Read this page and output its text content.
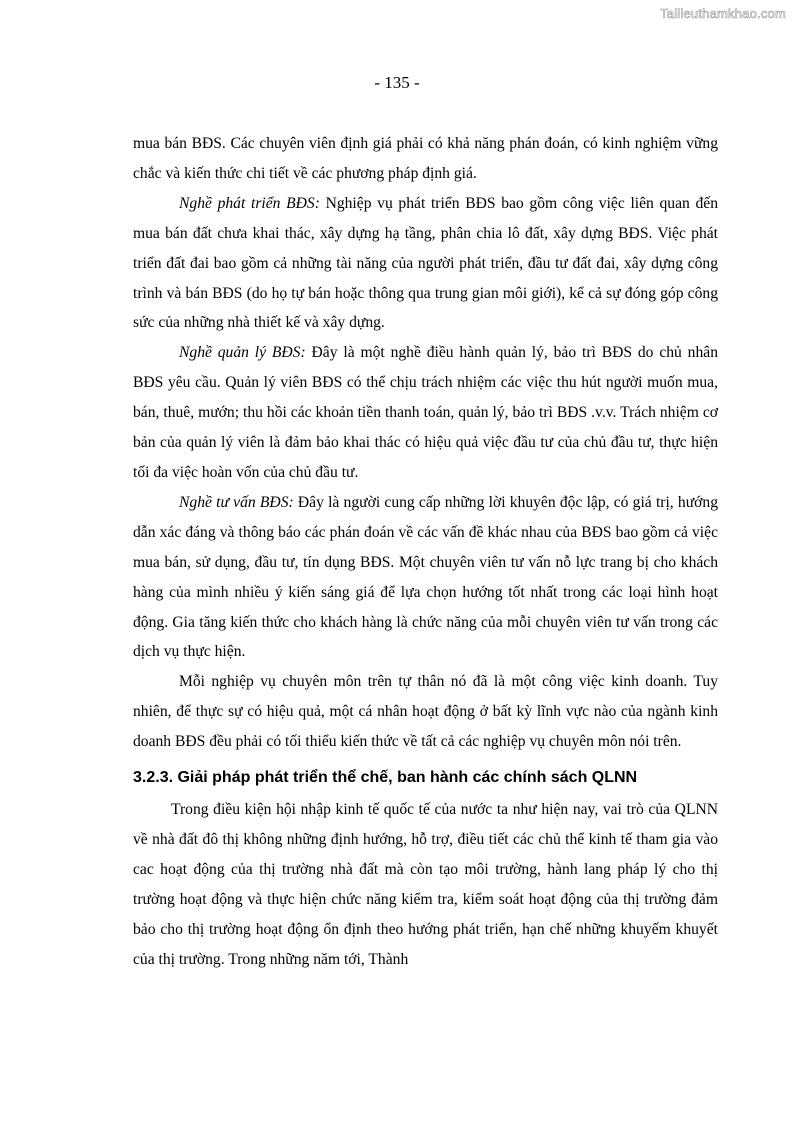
Tailieuthamkhao.com
- 135 -

mua bán BĐS. Các chuyên viên định giá phải có khả năng phán đoán, có kinh nghiệm vững chắc và kiến thức chi tiết về các phương pháp định giá.

Nghề phát triển BĐS: Nghiệp vụ phát triển BĐS bao gồm công việc liên quan đến mua bán đất chưa khai thác, xây dựng hạ tầng, phân chia lô đất, xây dựng BĐS. Việc phát triển đất đai bao gồm cả những tài năng của người phát triển, đầu tư đất đai, xây dựng công trình và bán BĐS (do họ tự bán hoặc thông qua trung gian môi giới), kể cả sự đóng góp công sức của những nhà thiết kế và xây dựng.

Nghề quản lý BĐS: Đây là một nghề điều hành quản lý, bảo trì BĐS do chủ nhân BĐS yêu cầu. Quản lý viên BĐS có thể chịu trách nhiệm các việc thu hút người muốn mua, bán, thuê, mướn; thu hồi các khoản tiền thanh toán, quản lý, bảo trì BĐS .v.v. Trách nhiệm cơ bản của quản lý viên là đảm bảo khai thác có hiệu quả việc đầu tư của chủ đầu tư, thực hiện tối đa việc hoàn vốn của chủ đầu tư.

Nghề tư vấn BĐS: Đây là người cung cấp những lời khuyên độc lập, có giá trị, hướng dẫn xác đáng và thông báo các phán đoán về các vấn đề khác nhau của BĐS bao gồm cả việc mua bán, sử dụng, đầu tư, tín dụng BĐS. Một chuyên viên tư vấn nỗ lực trang bị cho khách hàng của mình nhiều ý kiến sáng giá để lựa chọn hướng tốt nhất trong các loại hình hoạt động. Gia tăng kiến thức cho khách hàng là chức năng của mỗi chuyên viên tư vấn trong các dịch vụ thực hiện.

Mỗi nghiệp vụ chuyên môn trên tự thân nó đã là một công việc kinh doanh. Tuy nhiên, để thực sự có hiệu quả, một cá nhân hoạt động ở bất kỳ lĩnh vực nào của ngành kinh doanh BĐS đều phải có tối thiểu kiến thức về tất cả các nghiệp vụ chuyên môn nói trên.

3.2.3. Giải pháp phát triển thể chế, ban hành các chính sách QLNN

Trong điều kiện hội nhập kinh tế quốc tế của nước ta như hiện nay, vai trò của QLNN về nhà đất đô thị không những định hướng, hỗ trợ, điều tiết các chủ thể kinh tế tham gia vào cac hoạt động của thị trường nhà đất mà còn tạo môi trường, hành lang pháp lý cho thị trường hoạt động và thực hiện chức năng kiểm tra, kiểm soát hoạt động của thị trường đảm bảo cho thị trường hoạt động ổn định theo hướng phát triển, hạn chế những khuyếm khuyết của thị trường. Trong những năm tới, Thành
